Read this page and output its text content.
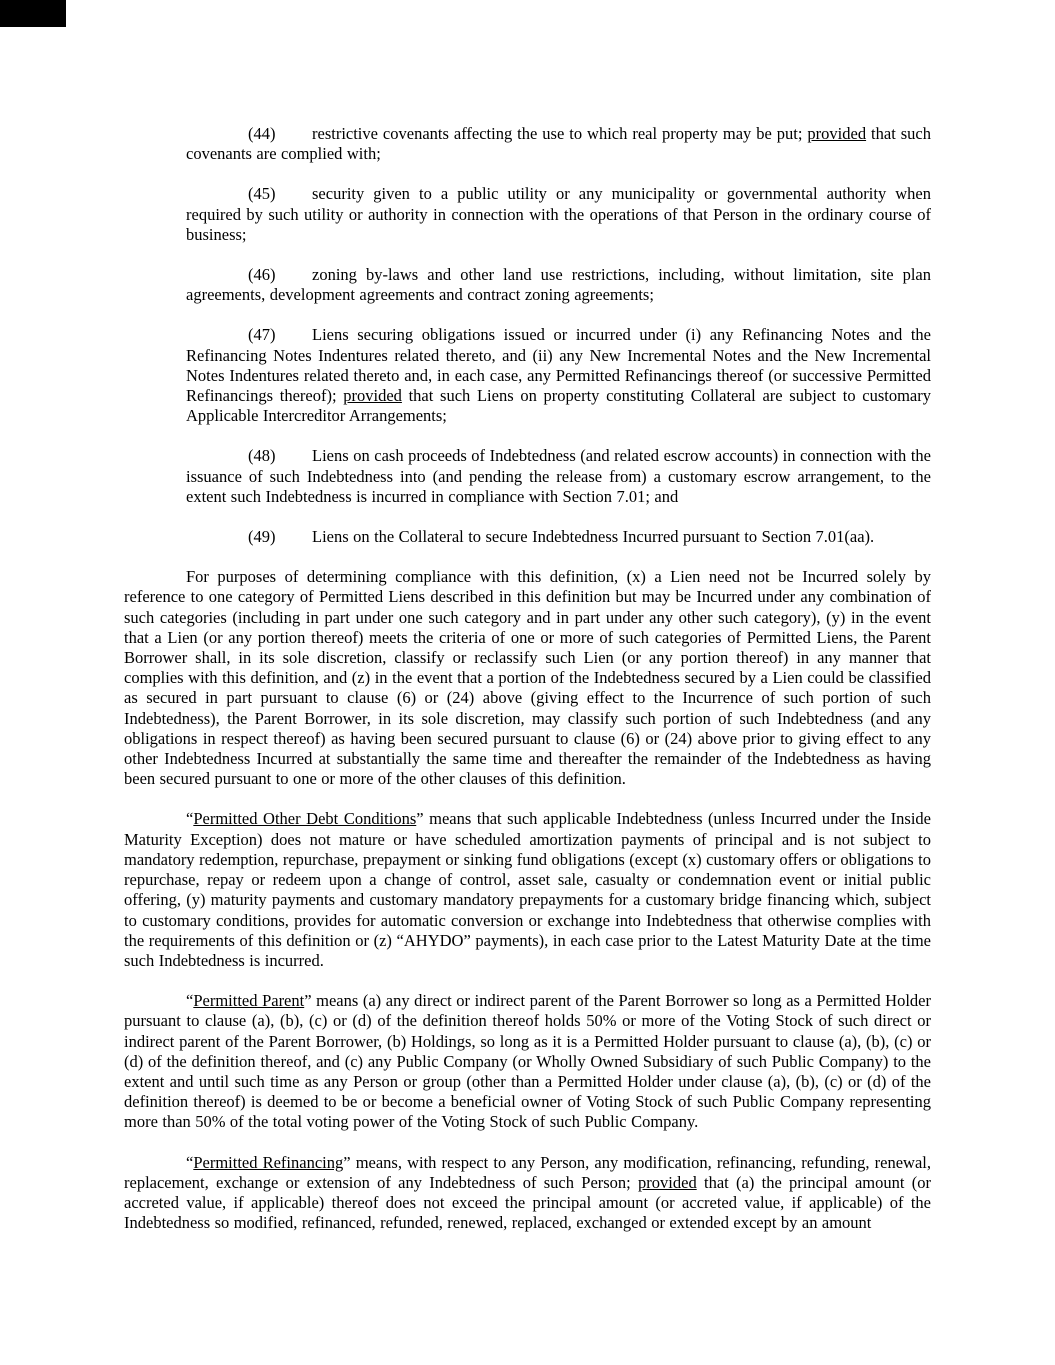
(44) restrictive covenants affecting the use to which real property may be put; provided that such covenants are complied with;

(45) security given to a public utility or any municipality or governmental authority when required by such utility or authority in connection with the operations of that Person in the ordinary course of business;

(46) zoning by-laws and other land use restrictions, including, without limitation, site plan agreements, development agreements and contract zoning agreements;

(47) Liens securing obligations issued or incurred under (i) any Refinancing Notes and the Refinancing Notes Indentures related thereto, and (ii) any New Incremental Notes and the New Incremental Notes Indentures related thereto and, in each case, any Permitted Refinancings thereof (or successive Permitted Refinancings thereof); provided that such Liens on property constituting Collateral are subject to customary Applicable Intercreditor Arrangements;

(48) Liens on cash proceeds of Indebtedness (and related escrow accounts) in connection with the issuance of such Indebtedness into (and pending the release from) a customary escrow arrangement, to the extent such Indebtedness is incurred in compliance with Section 7.01; and

(49) Liens on the Collateral to secure Indebtedness Incurred pursuant to Section 7.01(aa).

For purposes of determining compliance with this definition, (x) a Lien need not be Incurred solely by reference to one category of Permitted Liens described in this definition but may be Incurred under any combination of such categories (including in part under one such category and in part under any other such category), (y) in the event that a Lien (or any portion thereof) meets the criteria of one or more of such categories of Permitted Liens, the Parent Borrower shall, in its sole discretion, classify or reclassify such Lien (or any portion thereof) in any manner that complies with this definition, and (z) in the event that a portion of the Indebtedness secured by a Lien could be classified as secured in part pursuant to clause (6) or (24) above (giving effect to the Incurrence of such portion of such Indebtedness), the Parent Borrower, in its sole discretion, may classify such portion of such Indebtedness (and any obligations in respect thereof) as having been secured pursuant to clause (6) or (24) above prior to giving effect to any other Indebtedness Incurred at substantially the same time and thereafter the remainder of the Indebtedness as having been secured pursuant to one or more of the other clauses of this definition.

“Permitted Other Debt Conditions” means that such applicable Indebtedness (unless Incurred under the Inside Maturity Exception) does not mature or have scheduled amortization payments of principal and is not subject to mandatory redemption, repurchase, prepayment or sinking fund obligations (except (x) customary offers or obligations to repurchase, repay or redeem upon a change of control, asset sale, casualty or condemnation event or initial public offering, (y) maturity payments and customary mandatory prepayments for a customary bridge financing which, subject to customary conditions, provides for automatic conversion or exchange into Indebtedness that otherwise complies with the requirements of this definition or (z) “AHYDO” payments), in each case prior to the Latest Maturity Date at the time such Indebtedness is incurred.

“Permitted Parent” means (a) any direct or indirect parent of the Parent Borrower so long as a Permitted Holder pursuant to clause (a), (b), (c) or (d) of the definition thereof holds 50% or more of the Voting Stock of such direct or indirect parent of the Parent Borrower, (b) Holdings, so long as it is a Permitted Holder pursuant to clause (a), (b), (c) or (d) of the definition thereof, and (c) any Public Company (or Wholly Owned Subsidiary of such Public Company) to the extent and until such time as any Person or group (other than a Permitted Holder under clause (a), (b), (c) or (d) of the definition thereof) is deemed to be or become a beneficial owner of Voting Stock of such Public Company representing more than 50% of the total voting power of the Voting Stock of such Public Company.

“Permitted Refinancing” means, with respect to any Person, any modification, refinancing, refunding, renewal, replacement, exchange or extension of any Indebtedness of such Person; provided that (a) the principal amount (or accreted value, if applicable) thereof does not exceed the principal amount (or accreted value, if applicable) of the Indebtedness so modified, refinanced, refunded, renewed, replaced, exchanged or extended except by an amount
